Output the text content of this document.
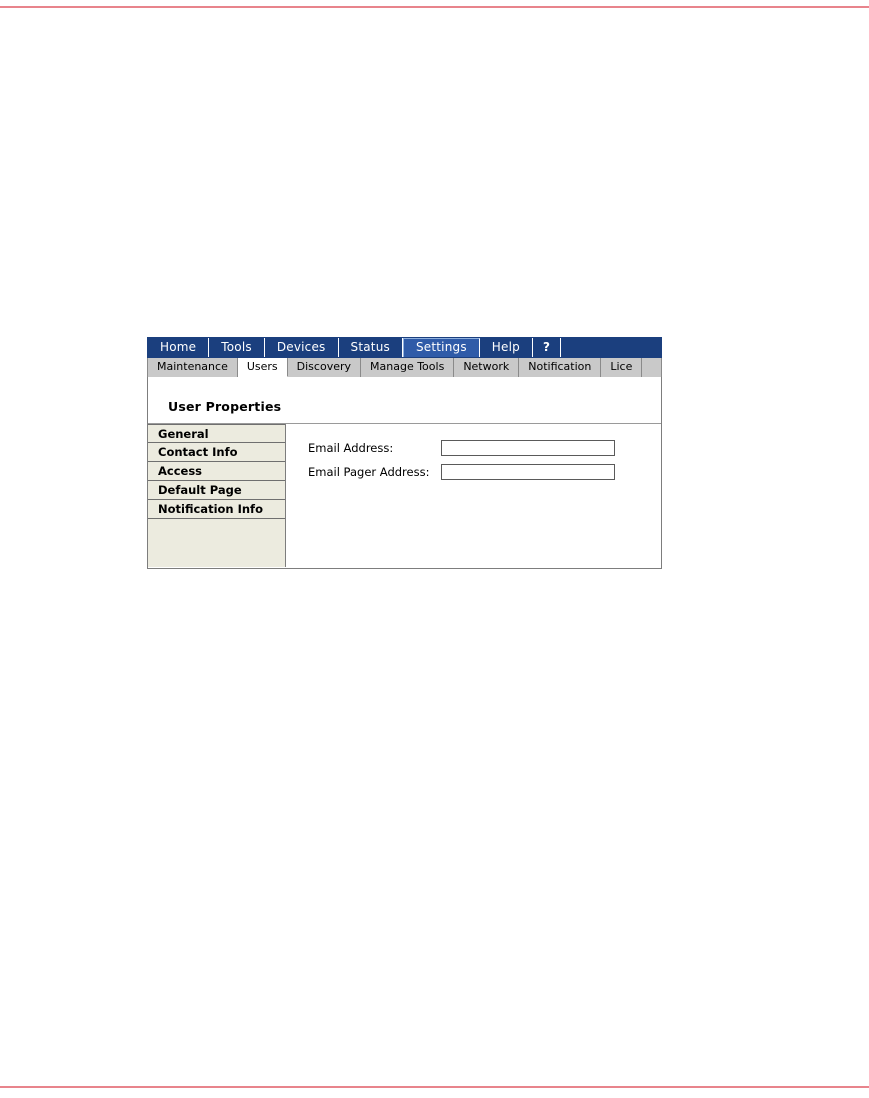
Home	Tools	Devices	Status	Settings	Help	?
Maintenance	Users	Discovery	Manage Tools	Network	Notification	Lice
User Properties
General
Contact Info
Access
Default Page
Notification Info
Email Address:
Email Pager Address:
